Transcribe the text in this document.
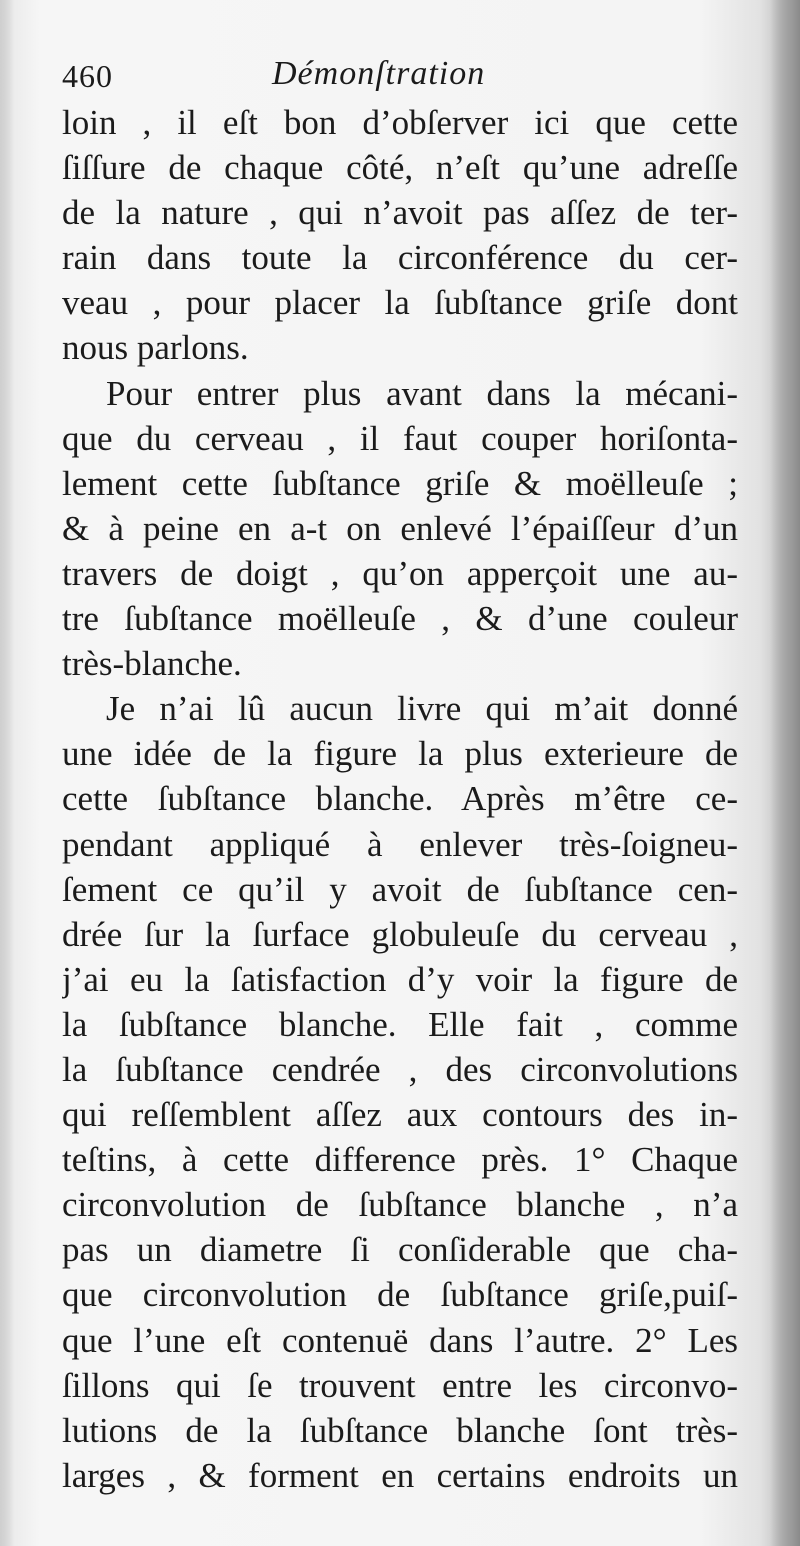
460	Démonſtration
loin , il eſt bon d’obſerver ici que cette
ſiſſure de chaque côté, n’eſt qu’une adreſſe
de la nature , qui n’avoit pas aſſez de ter-
rain dans toute la circonférence du cer-
veau , pour placer la ſubſtance griſe dont
nous parlons.
Pour entrer plus avant dans la mécani-
que du cerveau , il faut couper horiſonta-
lement cette ſubſtance griſe & moëlleuſe ;
& à peine en a-t on enlevé l’épaiſſeur d’un
travers de doigt , qu’on apperçoit une au-
tre ſubſtance moëlleuſe , & d’une couleur
très-blanche.
Je n’ai lû aucun livre qui m’ait donné
une idée de la figure la plus exterieure de
cette ſubſtance blanche. Après m’être ce-
pendant appliqué à enlever très-ſoigneu-
ſement ce qu’il y avoit de ſubſtance cen-
drée ſur la ſurface globuleuſe du cerveau ,
j’ai eu la ſatisfaction d’y voir la figure de
la ſubſtance blanche. Elle fait , comme
la ſubſtance cendrée , des circonvolutions
qui reſſemblent aſſez aux contours des in-
teſtins, à cette difference près. 1° Chaque
circonvolution de ſubſtance blanche , n’a
pas un diametre ſi conſiderable que cha-
que circonvolution de ſubſtance griſe,puiſ-
que l’une eſt contenuë dans l’autre. 2° Les
ſillons qui ſe trouvent entre les circonvo-
lutions de la ſubſtance blanche ſont très-
larges , & forment en certains endroits un
